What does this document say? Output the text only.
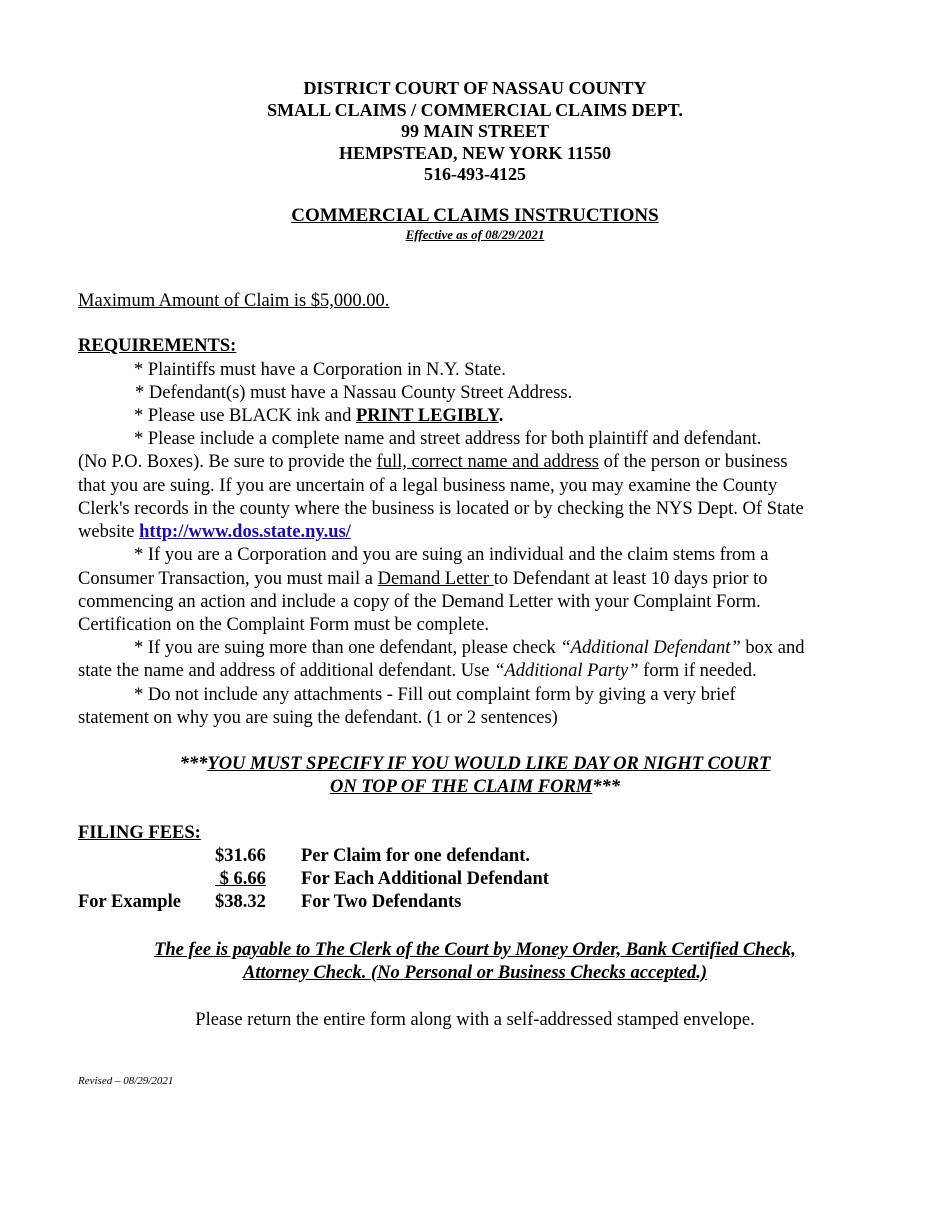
DISTRICT COURT OF NASSAU COUNTY
SMALL CLAIMS / COMMERCIAL CLAIMS DEPT.
99 MAIN STREET
HEMPSTEAD, NEW YORK 11550
516-493-4125
COMMERCIAL CLAIMS INSTRUCTIONS
Effective as of 08/29/2021
Maximum Amount of Claim is $5,000.00.
REQUIREMENTS:
* Plaintiffs must have a Corporation in N.Y. State.
* Defendant(s) must have a Nassau County Street Address.
* Please use BLACK ink and PRINT LEGIBLY.
* Please include a complete name and street address for both plaintiff and defendant.
(No P.O. Boxes). Be sure to provide the full, correct name and address of the person or business
that you are suing. If you are uncertain of a legal business name, you may examine the County
Clerk's records in the county where the business is located or by checking the NYS Dept. Of State
website http://www.dos.state.ny.us/
* If you are a Corporation and you are suing an individual and the claim stems from a
Consumer Transaction, you must mail a Demand Letter to Defendant at least 10 days prior to
commencing an action and include a copy of the Demand Letter with your Complaint Form.
Certification on the Complaint Form must be complete.
* If you are suing more than one defendant, please check “Additional Defendant” box and
state the name and address of additional defendant. Use “Additional Party” form if needed.
* Do not include any attachments - Fill out complaint form by giving a very brief
statement on why you are suing the defendant. (1 or 2 sentences)
***YOU MUST SPECIFY IF YOU WOULD LIKE DAY OR NIGHT COURT
ON TOP OF THE CLAIM FORM***
FILING FEES:
$31.66 Per Claim for one defendant.
$ 6.66 For Each Additional Defendant
For Example $38.32 For Two Defendants
The fee is payable to The Clerk of the Court by Money Order, Bank Certified Check,
Attorney Check. (No Personal or Business Checks accepted.)
Please return the entire form along with a self-addressed stamped envelope.
Revised – 08/29/2021
